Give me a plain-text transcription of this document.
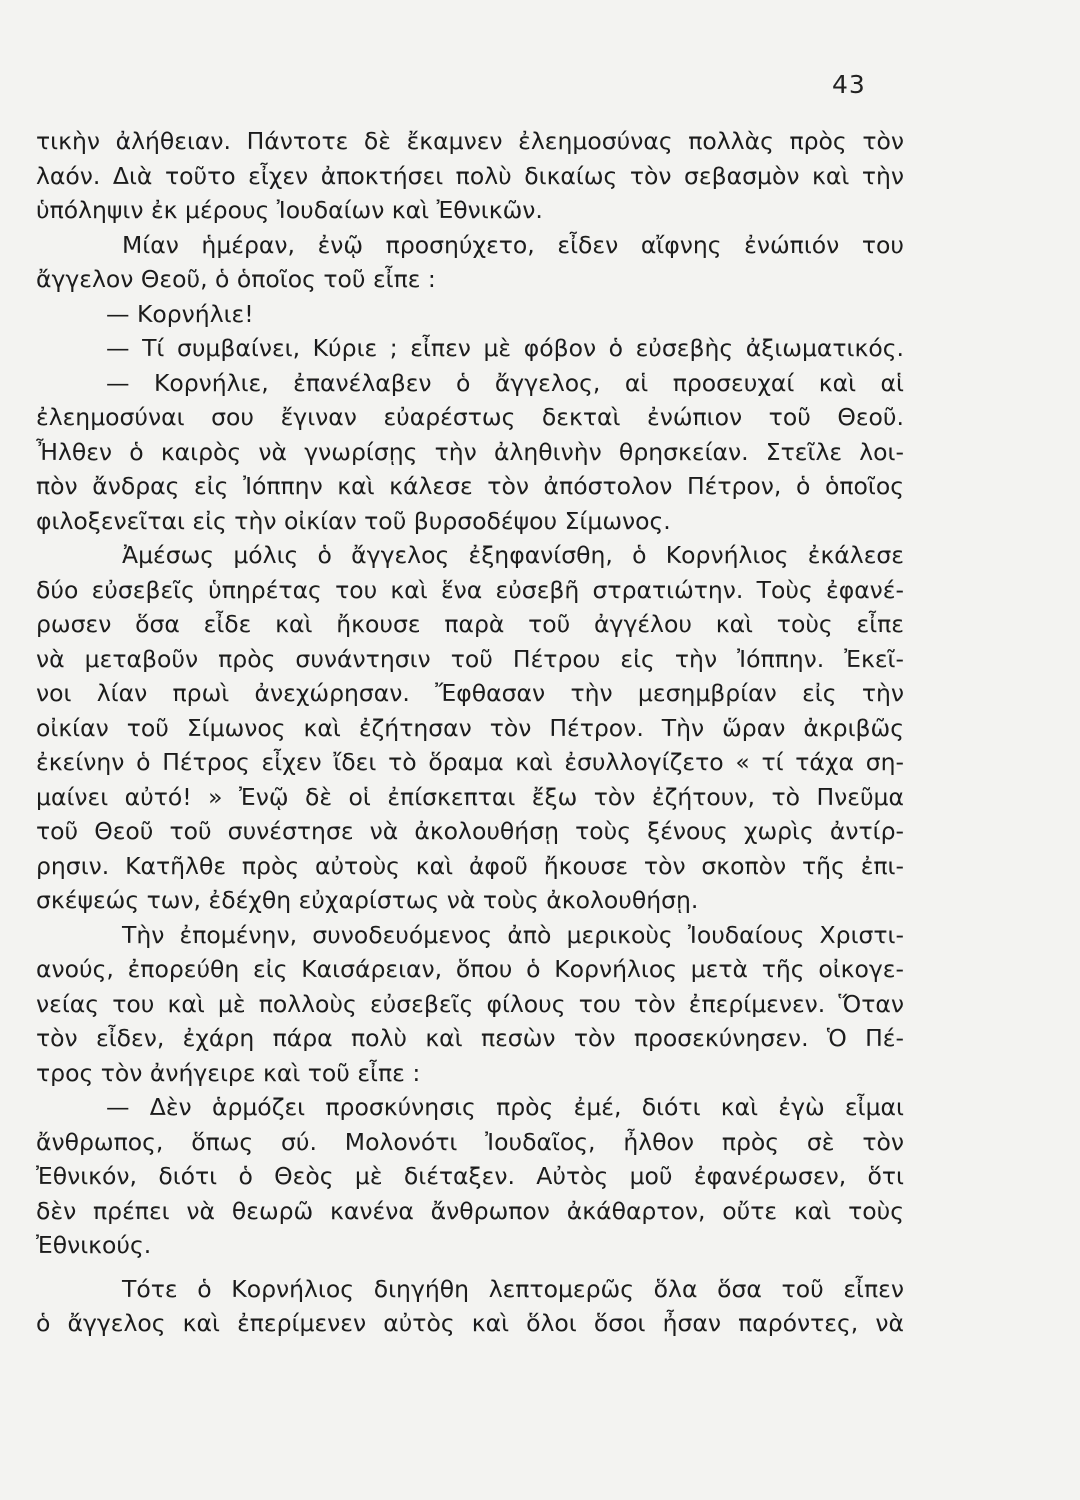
43
τικὴν ἀλήθειαν. Πάντοτε δὲ ἔκαμνεν ἐλεημοσύνας πολλὰς πρὸς τὸν
λαόν. Διὰ τοῦτο εἶχεν ἀποκτήσει πολὺ δικαίως τὸν σεβασμὸν καὶ τὴν
ὑπόληψιν ἐκ μέρους Ἰουδαίων καὶ Ἐθνικῶν.
Μίαν ἡμέραν, ἐνῷ προσηύχετο, εἶδεν αἴφνης ἐνώπιόν του
ἄγγελον Θεοῦ, ὁ ὁποῖος τοῦ εἶπε :
— Κορνήλιε!
— Τί συμβαίνει, Κύριε ; εἶπεν μὲ φόβον ὁ εὐσεβὴς ἀξιωματικός.
— Κορνήλιε, ἐπανέλαβεν ὁ ἄγγελος, αἱ προσευχαί καὶ αἱ
ἐλεημοσύναι σου ἔγιναν εὐαρέστως δεκταὶ ἐνώπιον τοῦ Θεοῦ.
Ἦλθεν ὁ καιρὸς νὰ γνωρίσῃς τὴν ἀληθινὴν θρησκείαν. Στεῖλε λοι-
πὸν ἄνδρας εἰς Ἰόππην καὶ κάλεσε τὸν ἀπόστολον Πέτρον, ὁ ὁποῖος
φιλοξενεῖται εἰς τὴν οἰκίαν τοῦ βυρσοδέψου Σίμωνος.
Ἀμέσως μόλις ὁ ἄγγελος ἐξηφανίσθη, ὁ Κορνήλιος ἐκάλεσε
δύο εὐσεβεῖς ὑπηρέτας του καὶ ἕνα εὐσεβῆ στρατιώτην. Τοὺς ἐφανέ-
ρωσεν ὅσα εἶδε καὶ ἤκουσε παρὰ τοῦ ἀγγέλου καὶ τοὺς εἶπε
νὰ μεταβοῦν πρὸς συνάντησιν τοῦ Πέτρου εἰς τὴν Ἰόππην. Ἐκεῖ-
νοι λίαν πρωὶ ἀνεχώρησαν. Ἔφθασαν τὴν μεσημβρίαν εἰς τὴν
οἰκίαν τοῦ Σίμωνος καὶ ἐζήτησαν τὸν Πέτρον. Τὴν ὥραν ἀκριβῶς
ἐκείνην ὁ Πέτρος εἶχεν ἴδει τὸ ὅραμα καὶ ἐσυλλογίζετο « τί τάχα ση-
μαίνει αὐτό! » Ἐνῷ δὲ οἱ ἐπίσκεπται ἔξω τὸν ἐζήτουν, τὸ Πνεῦμα
τοῦ Θεοῦ τοῦ συνέστησε νὰ ἀκολουθήσῃ τοὺς ξένους χωρὶς ἀντίρ-
ρησιν. Κατῆλθε πρὸς αὐτοὺς καὶ ἀφοῦ ἤκουσε τὸν σκοπὸν τῆς ἐπι-
σκέψεώς των, ἐδέχθη εὐχαρίστως νὰ τοὺς ἀκολουθήσῃ.
Τὴν ἐπομένην, συνοδευόμενος ἀπὸ μερικοὺς Ἰουδαίους Χριστι-
ανούς, ἐπορεύθη εἰς Καισάρειαν, ὅπου ὁ Κορνήλιος μετὰ τῆς οἰκογε-
νείας του καὶ μὲ πολλοὺς εὐσεβεῖς φίλους του τὸν ἐπερίμενεν. Ὅταν
τὸν εἶδεν, ἐχάρη πάρα πολὺ καὶ πεσὼν τὸν προσεκύνησεν. Ὁ Πέ-
τρος τὸν ἀνήγειρε καὶ τοῦ εἶπε :
— Δὲν ἁρμόζει προσκύνησις πρὸς ἐμέ, διότι καὶ ἐγὼ εἶμαι
ἄνθρωπος, ὅπως σύ. Μολονότι Ἰουδαῖος, ἦλθον πρὸς σὲ τὸν
Ἐθνικόν, διότι ὁ Θεὸς μὲ διέταξεν. Αὐτὸς μοῦ ἐφανέρωσεν, ὅτι
δὲν πρέπει νὰ θεωρῶ κανένα ἄνθρωπον ἀκάθαρτον, οὔτε καὶ τοὺς
Ἐθνικούς.
Τότε ὁ Κορνήλιος διηγήθη λεπτομερῶς ὅλα ὅσα τοῦ εἶπεν
ὁ ἄγγελος καὶ ἐπερίμενεν αὐτὸς καὶ ὅλοι ὅσοι ἦσαν παρόντες, νὰ
